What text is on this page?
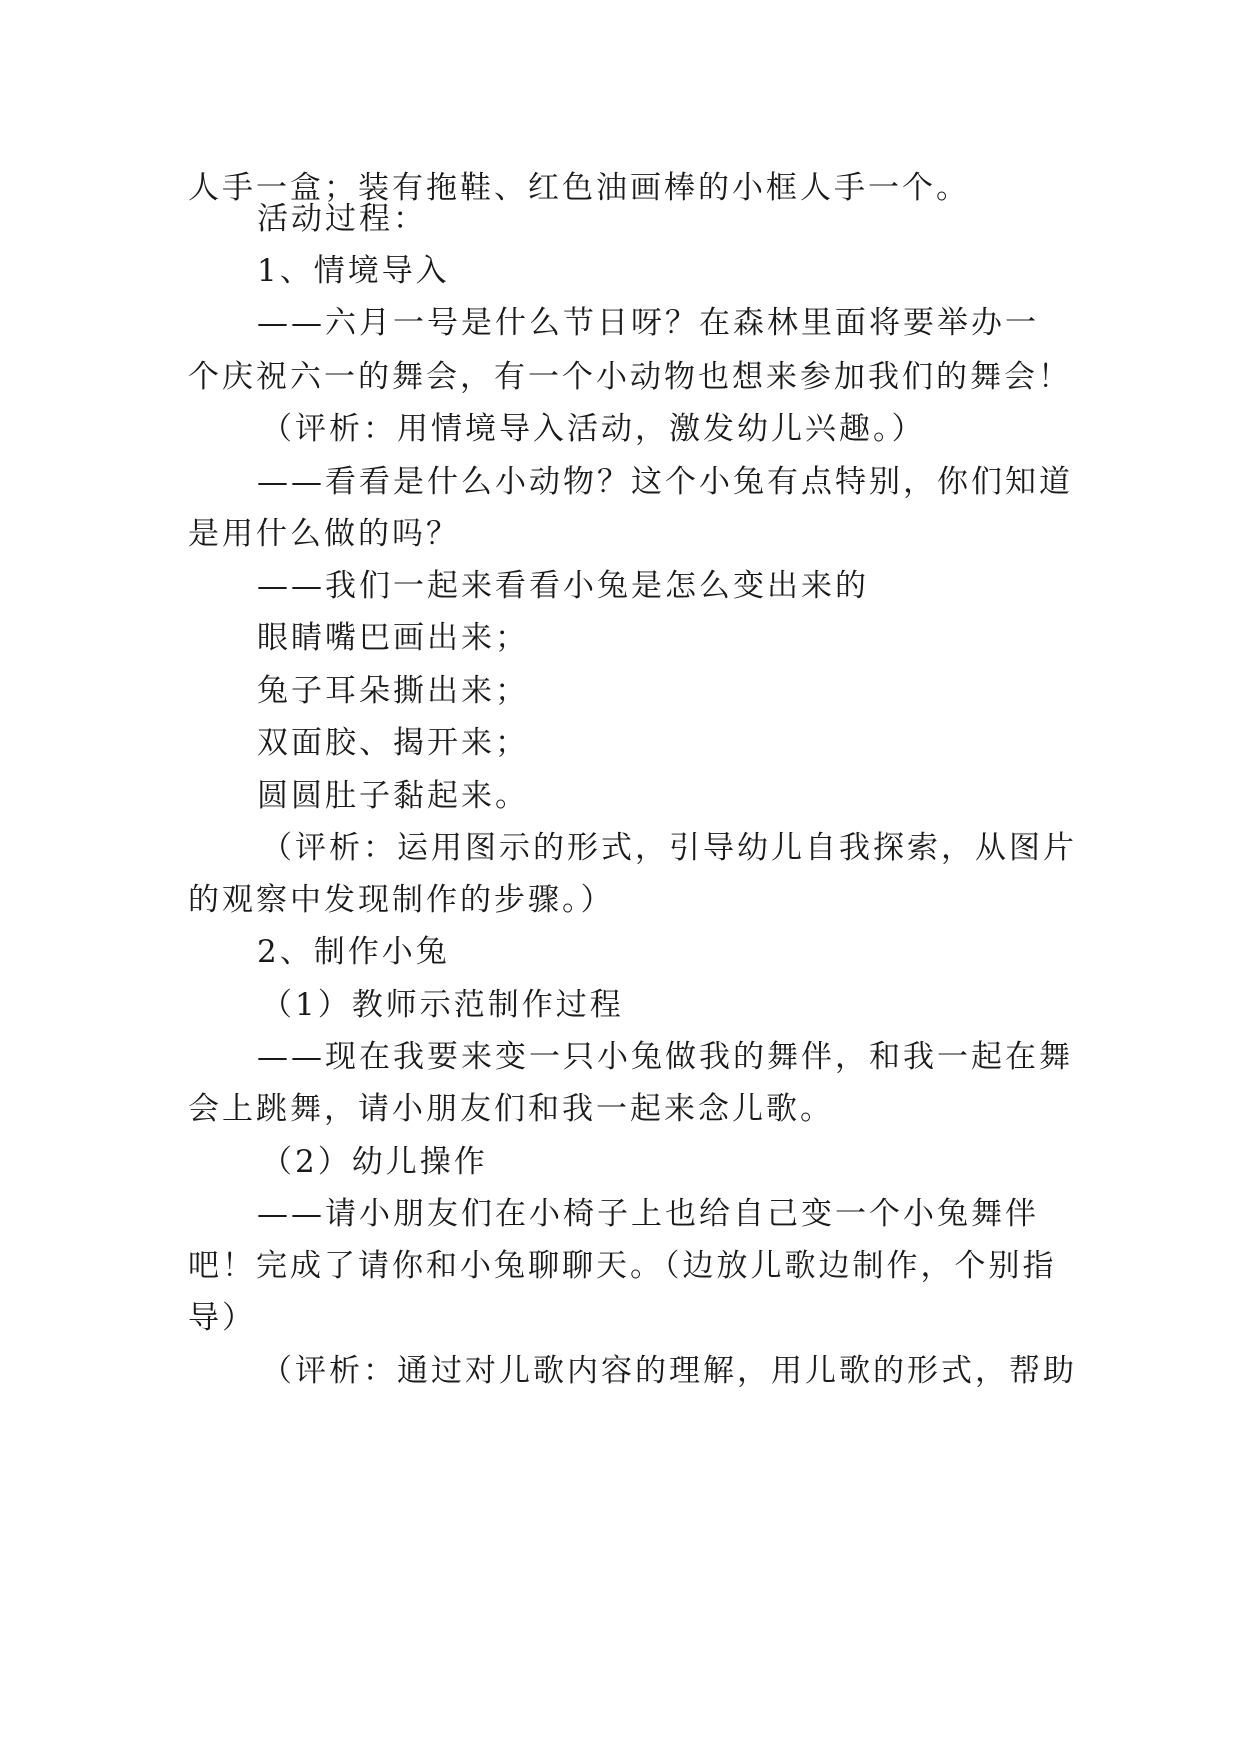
人手一盒；装有拖鞋、红色油画棒的小框人手一个。
活动过程：
1、情境导入
——六月一号是什么节日呀？在森林里面将要举办一
个庆祝六一的舞会，有一个小动物也想来参加我们的舞会！
（评析：用情境导入活动，激发幼儿兴趣。）
——看看是什么小动物？这个小兔有点特别，你们知道
是用什么做的吗？
——我们一起来看看小兔是怎么变出来的
眼睛嘴巴画出来；
兔子耳朵撕出来；
双面胶、揭开来；
圆圆肚子黏起来。
（评析：运用图示的形式，引导幼儿自我探索，从图片
的观察中发现制作的步骤。）
2、制作小兔
（1）教师示范制作过程
——现在我要来变一只小兔做我的舞伴，和我一起在舞
会上跳舞，请小朋友们和我一起来念儿歌。
（2）幼儿操作
——请小朋友们在小椅子上也给自己变一个小兔舞伴
吧！完成了请你和小兔聊聊天。（边放儿歌边制作，个别指
导）
（评析：通过对儿歌内容的理解，用儿歌的形式，帮助
